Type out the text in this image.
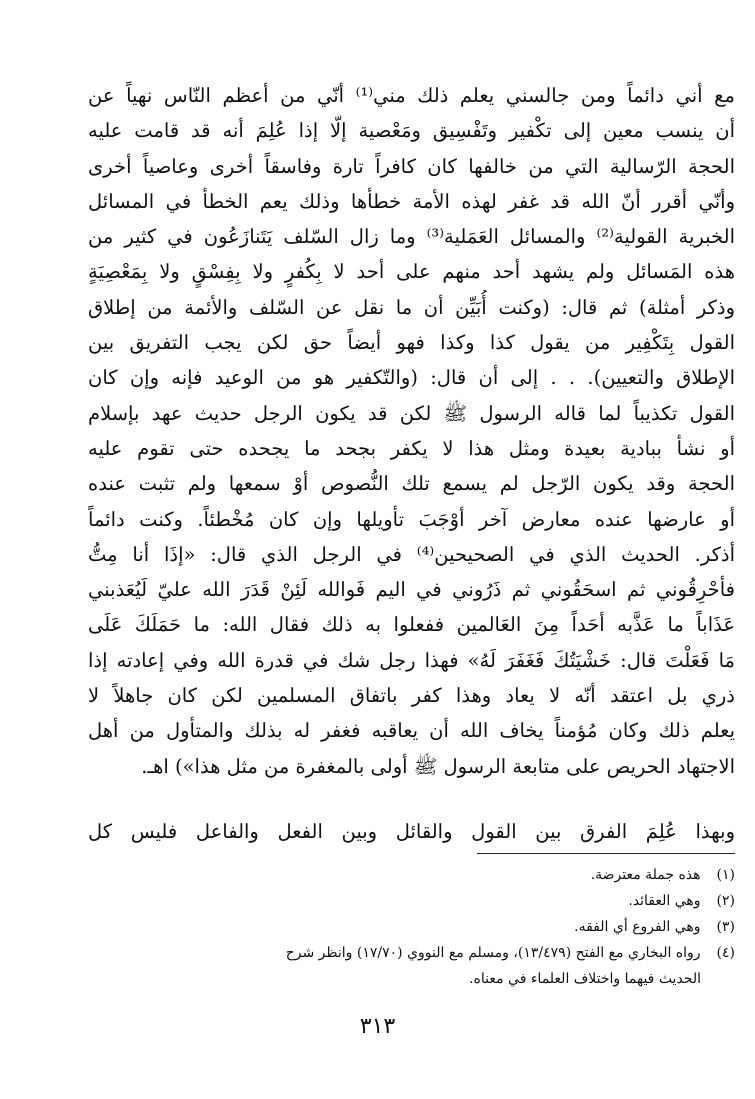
مع أني دائماً ومن جالسني يعلم ذلك مني⁽¹⁾ أنّي من أعظم النّاس نهياً عن
أن ينسب معين إلى تكْفير وتَفْسِيق ومَعْصية إلّا إذا عُلِمَ أنه قد قامت عليه
الحجة الرّسالية التي من خالفها كان كافراً تارة وفاسقاً أخرى وعاصياً أخرى
وأنّي أقرر أنّ الله قد غفر لهذه الأمة خطأها وذلك يعم الخطأ في المسائل
الخبرية القولية⁽²⁾ والمسائل العَمَلية⁽³⁾ وما زال السّلف يَتَنازَعُون في كثير من
هذه المَسائل ولم يشهد أحد منهم على أحد لا بِكُفرٍ ولا بِفِسْقٍ ولا بِمَعْصِيَةٍ
وذكر أمثلة) ثم قال: (وكنت أُبَيِّن أن ما نقل عن السّلف والأئمة من إطلاق
القول بِتَكْفِير من يقول كذا وكذا فهو أيضاً حق لكن يجب التفريق بين
الإطلاق والتعيين). . . إلى أن قال: (والتّكفير هو من الوعيد فإنه وإن كان
القول تكذيباً لما قاله الرسول ﷺ لكن قد يكون الرجل حديث عهد بإسلام
أو نشأ ببادية بعيدة ومثل هذا لا يكفر بجحد ما يجحده حتى تقوم عليه
الحجة وقد يكون الرّجل لم يسمع تلك النُّصوص أوْ سمعها ولم تثبت عنده
أو عارضها عنده معارض آخر أوْجَبَ تأويلها وإن كان مُخْطئاً. وكنت دائماً
أذكر. الحديث الذي في الصحيحين⁽⁴⁾ في الرجل الذي قال: «إذَا أنا مِتُّ
فأحْرِقُوني ثم اسحَقُوني ثم ذَرُوني في اليم فَوالله لَئِنْ قَدَرَ الله عليّ لَيُعَذبني
عَذَاباً ما عَذَّبه أحَداً مِنَ العَالمين ففعلوا به ذلك فقال الله: ما حَمَلَكَ عَلَى
مَا فَعَلْتَ قال: خَشْيَتُكَ فَغَفَرَ لَهُ» فهذا رجل شك في قدرة الله وفي إعادته إذا
ذري بل اعتقد أنّه لا يعاد وهذا كفر باتفاق المسلمين لكن كان جاهلاً لا
يعلم ذلك وكان مُؤمناً يخاف الله أن يعاقبه فغفر له بذلك والمتأول من أهل
الاجتهاد الحريص على متابعة الرسول ﷺ أولى بالمغفرة من مثل هذا») اهـ.
وبهذا عُلِمَ الفرق بين القول والقائل وبين الفعل والفاعل فليس كل
(١) هذه جملة معترضة.
(٢) وهي العقائد.
(٣) وهي الفروع أي الفقه.
(٤) رواه البخاري مع الفتح (١٣/٤٧٩)، ومسلم مع النووي (١٧/٧٠) وانظر شرح
الحديث فيهما واختلاف العلماء في معناه.
٣١٣
